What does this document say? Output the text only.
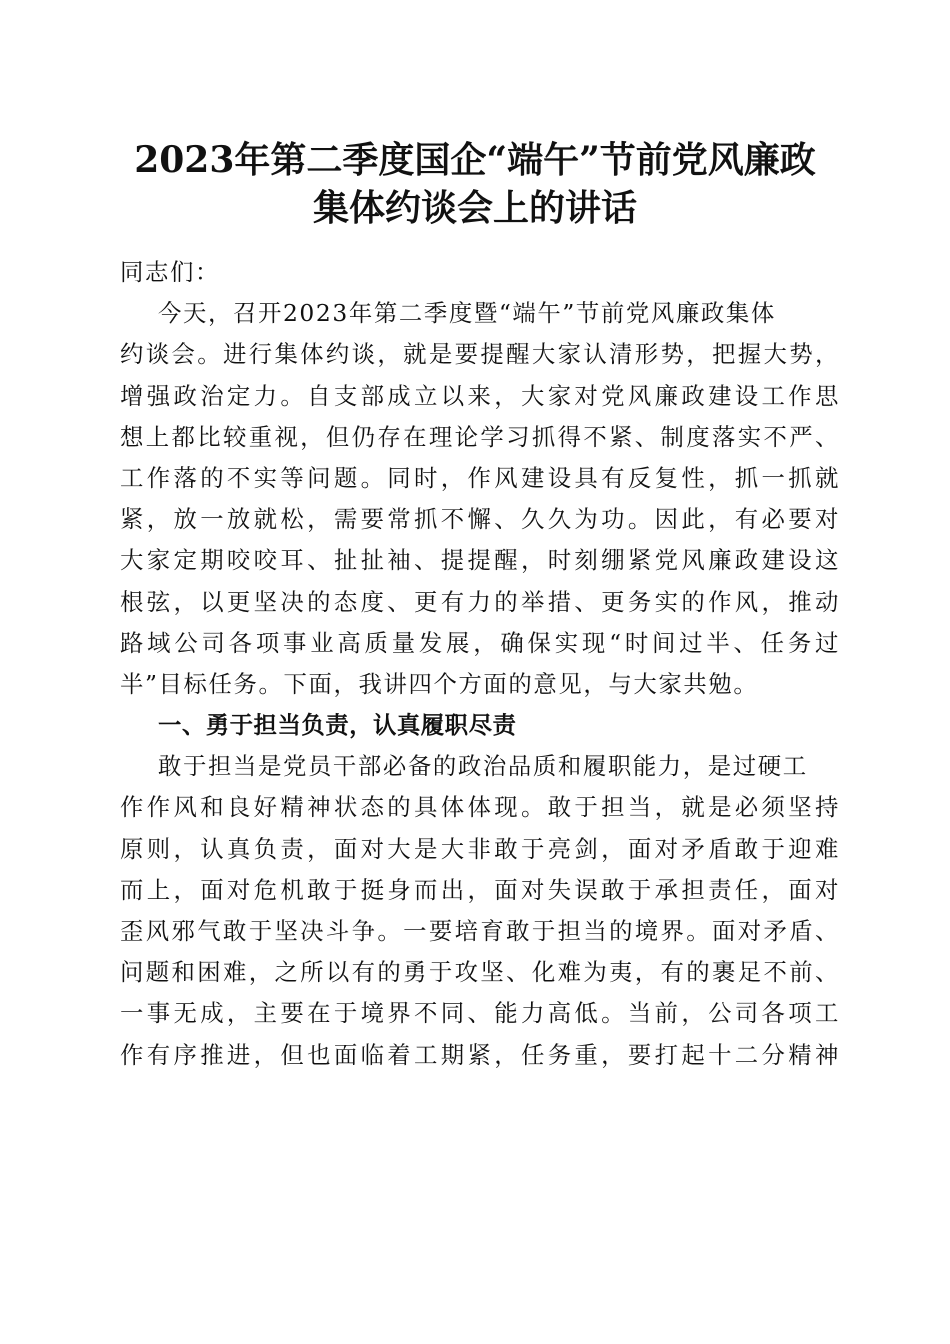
2023年第二季度国企“端午”节前党风廉政
集体约谈会上的讲话
同志们：
今天，召开2023年第二季度暨“端午”节前党风廉政集体
约谈会。进行集体约谈，就是要提醒大家认清形势，把握大势，
增强政治定力。自支部成立以来，大家对党风廉政建设工作思
想上都比较重视，但仍存在理论学习抓得不紧、制度落实不严、
工作落的不实等问题。同时，作风建设具有反复性，抓一抓就
紧，放一放就松，需要常抓不懈、久久为功。因此，有必要对
大家定期咬咬耳、扯扯袖、提提醒，时刻绷紧党风廉政建设这
根弦，以更坚决的态度、更有力的举措、更务实的作风，推动
路域公司各项事业高质量发展，确保实现“时间过半、任务过
半”目标任务。下面，我讲四个方面的意见，与大家共勉。
一、勇于担当负责，认真履职尽责
敢于担当是党员干部必备的政治品质和履职能力，是过硬工
作作风和良好精神状态的具体体现。敢于担当，就是必须坚持
原则，认真负责，面对大是大非敢于亮剑，面对矛盾敢于迎难
而上，面对危机敢于挺身而出，面对失误敢于承担责任，面对
歪风邪气敢于坚决斗争。一要培育敢于担当的境界。面对矛盾、
问题和困难，之所以有的勇于攻坚、化难为夷，有的裹足不前、
一事无成，主要在于境界不同、能力高低。当前，公司各项工
作有序推进，但也面临着工期紧，任务重，要打起十二分精神
